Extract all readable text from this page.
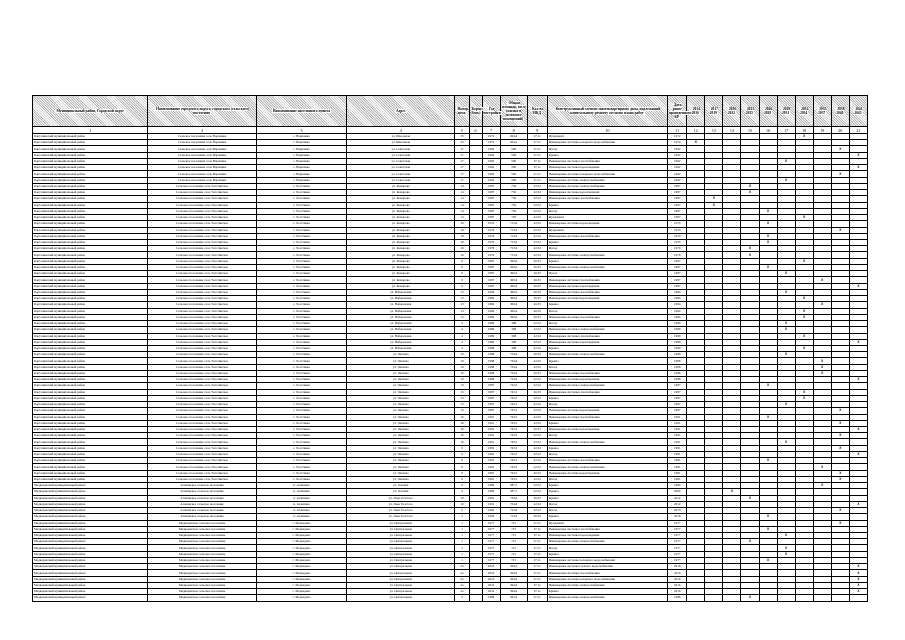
Муниципальный район, Городской округ	Наименование городского округа, городского (сельского) поселения	Наименование населенного пункта	Адрес	Номер дома	Корпус (блок)	Год постройки	Общая площадь, кв.м (жилых и нежилых помещений)	Кол-во МКД	Конструктивный элемент многоквартирного дома, подлежащий капитальному ремонту согласно плана работ	Дата ранее проведенного КР	2014 2016	2017 2019	2020 2022	2023 2025	2026 2028	2029 2031	2032 2034	2035 2037	2038 2040	2041 2043
1	2	3	4	5	6	7	8	9	10	11	12	13	14	15	16	17	18	19	20	21
Карталинский муниципальный район	Сельское поселение село Варшавка	с. Варшавка	ул. Школьная	33		1972	204,2	27,11	Фундамент	1972							X			
Карталинский муниципальный район	Сельское поселение село Варшавка	с. Варшавка	ул. Школьная	33		1972	204,2	27,11	Инженерные системы холодного водоснабжения	1972	X									
Карталинский муниципальный район	Сельское поселение село Варшавка	с. Варшавка	ул. Советская	17		1992	500	27,11	Фасад	1992									X	
Карталинский муниципальный район	Сельское поселение село Варшавка	с. Варшавка	ул. Советская	17		1992	500	27,11	Крыша	1992										X
Карталинский муниципальный район	Сельское поселение село Варшавка	с. Варшавка	ул. Советская	17		1992	500	27,11	Инженерные системы газоснабжения	1992						X				
Карталинский муниципальный район	Сельское поселение село Варшавка	с. Варшавка	ул. Советская	17		1992	500	27,11	Инженерные системы водоотведения	1992										X
Карталинский муниципальный район	Сельское поселение село Варшавка	с. Варшавка	ул. Советская	17		1992	500	27,11	Инженерные системы холодного водоснабжения	1992									X	
Карталинский муниципальный район	Сельское поселение село Варшавка	с. Варшавка	ул. Советская	17		1992	500	27,11	Инженерные системы электроснабжения	1992						X				
Карталинский муниципальный район	Сельское поселение село Толстинское	с. Толстинка	ул. Комарова	14		1987	756	22,52	Инженерные системы электроснабжения	1987				X						
Карталинский муниципальный район	Сельское поселение село Толстинское	с. Толстинка	ул. Комарова	14		1987	756	22,52	Инженерные системы водоотведения	1987				X						
Карталинский муниципальный район	Сельское поселение село Толстинское	с. Толстинка	ул. Комарова	14		1987	756	22,52	Инженерные системы газоснабжения	1987		X								
Карталинский муниципальный район	Сельское поселение село Толстинское	с. Толстинка	ул. Комарова	14		1987	756	22,52	Крыша	1987		X								
Карталинский муниципальный район	Сельское поселение село Толстинское	с. Толстинка	ул. Комарова	14		1987	756	22,52	Фасад	1987					X					
Карталинский муниципальный район	Сельское поселение село Толстинское	с. Толстинка	ул. Комарова	14		1987	756	22,52	Фундамент	1987							X			
Карталинский муниципальный район	Сельское поселение село Толстинское	с. Толстинка	ул. Комарова	19		1979	713,6	22,52	Инженерные системы водоотведения	1979					X					
Карталинский муниципальный район	Сельское поселение село Толстинское	с. Толстинка	ул. Комарова	19		1979	713,6	22,52	Фундамент	1979									X	
Карталинский муниципальный район	Сельское поселение село Толстинское	с. Толстинка	ул. Комарова	19		1979	713,6	22,52	Инженерные системы газоснабжения	1979					X					
Карталинский муниципальный район	Сельское поселение село Толстинское	с. Толстинка	ул. Комарова	19		1979	713,6	22,52	Крыша	1979					X					
Карталинский муниципальный район	Сельское поселение село Толстинское	с. Толстинка	ул. Комарова	19		1979	713,6	22,52	Фасад	1979				X						
Карталинский муниципальный район	Сельское поселение село Толстинское	с. Толстинка	ул. Комарова	19		1979	713,6	22,52	Инженерные системы электроснабжения	1979				X						
Карталинский муниципальный район	Сельское поселение село Толстинское	с. Толстинка	ул. Комарова	9		1987	306,6	26,35	Крыша	1987							X			
Карталинский муниципальный район	Сельское поселение село Толстинское	с. Толстинка	ул. Комарова	9		1987	306,6	26,35	Инженерные системы электроснабжения	1987					X					
Карталинский муниципальный район	Сельское поселение село Толстинское	с. Толстинка	ул. Комарова	9		1987	306,6	26,35	Фасад	1987						X				
Карталинский муниципальный район	Сельское поселение село Толстинское	с. Толстинка	ул. Комарова	9		1987	306,6	26,35	Инженерные системы газоснабжения	1987								X		
Карталинский муниципальный район	Сельское поселение село Толстинское	с. Толстинка	ул. Комарова	9		1987	306,6	26,35	Инженерные системы водоотведения	1987										X
Карталинский муниципальный район	Сельское поселение село Толстинское	с. Толстинка	ул. Набережная	13		1984	306,6	26,35	Инженерные системы газоснабжения	1984						X				
Карталинский муниципальный район	Сельское поселение село Толстинское	с. Толстинка	ул. Набережная	13		1984	306,6	26,35	Инженерные системы водоотведения	1984							X			
Карталинский муниципальный район	Сельское поселение село Толстинское	с. Толстинка	ул. Набережная	13		1984	306,6	26,35	Крыша	1984								X		
Карталинский муниципальный район	Сельское поселение село Толстинское	с. Толстинка	ул. Набережная	13		1984	306,6	26,35	Фасад	1984							X			
Карталинский муниципальный район	Сельское поселение село Толстинское	с. Толстинка	ул. Набережная	13		1984	306,6	26,35	Инженерные системы газоснабжения	1984							X			
Карталинский муниципальный район	Сельское поселение село Толстинское	с. Толстинка	ул. Набережная	4		1989	398	22,52	Фасад	1989						X				
Карталинский муниципальный район	Сельское поселение село Толстинское	с. Толстинка	ул. Набережная	4		1989	398	22,52	Инженерные системы электроснабжения	1989						X				
Карталинский муниципальный район	Сельское поселение село Толстинское	с. Толстинка	ул. Набережная	4		1989	398	22,52	Инженерные системы газоснабжения	1989							X			
Карталинский муниципальный район	Сельское поселение село Толстинское	с. Толстинка	ул. Набережная	4		1989	398	22,52	Инженерные системы водоотведения	1989										X
Карталинский муниципальный район	Сельское поселение село Толстинское	с. Толстинка	ул. Набережная	4		1989	398	22,52	Крыша	1989							X			
Карталинский муниципальный район	Сельское поселение село Толстинское	с. Толстинка	ул. Чапаева	10		1998	734,6	26,35	Инженерные системы электроснабжения	1998						X				
Карталинский муниципальный район	Сельское поселение село Толстинское	с. Толстинка	ул. Чапаева	10		1998	734,6	22,52	Крыша	1998								X		
Карталинский муниципальный район	Сельское поселение село Толстинское	с. Толстинка	ул. Чапаева	10		1998	734,6	22,52	Фасад	1998								X		
Карталинский муниципальный район	Сельское поселение село Толстинское	с. Толстинка	ул. Чапаева	10		1998	734,6	26,35	Инженерные системы газоснабжения	1998								X		
Карталинский муниципальный район	Сельское поселение село Толстинское	с. Толстинка	ул. Чапаева	10		1998	734,6	22,52	Инженерные системы водоотведения	1998										X
Карталинский муниципальный район	Сельское поселение село Толстинское	с. Толстинка	ул. Чапаева	13		1987	743,5	22,52	Инженерные системы электроснабжения	1987					X					
Карталинский муниципальный район	Сельское поселение село Толстинское	с. Толстинка	ул. Чапаева	13		1987	743,5	26,35	Инженерные системы газоснабжения	1987							X			
Карталинский муниципальный район	Сельское поселение село Толстинское	с. Толстинка	ул. Чапаева	13		1987	743,5	22,52	Крыша	1987							X			
Карталинский муниципальный район	Сельское поселение село Толстинское	с. Толстинка	ул. Чапаева	13		1987	743,5	22,52	Фасад	1987						X				
Карталинский муниципальный район	Сельское поселение село Толстинское	с. Толстинка	ул. Чапаева	13		1987	743,5	22,52	Инженерные системы водоотведения	1987									X	
Карталинский муниципальный район	Сельское поселение село Толстинское	с. Толстинка	ул. Чапаева	16		1991	743,5	22,52	Инженерные системы газоснабжения	1991					X					
Карталинский муниципальный район	Сельское поселение село Толстинское	с. Толстинка	ул. Чапаева	16		1991	743,5	22,52	Крыша	1991									X	
Карталинский муниципальный район	Сельское поселение село Толстинское	с. Толстинка	ул. Чапаева	16		1991	743,5	26,35	Инженерные системы водоотведения	1991										X
Карталинский муниципальный район	Сельское поселение село Толстинское	с. Толстинка	ул. Чапаева	16		1991	743,5	22,52	Фасад	1991									X	
Карталинский муниципальный район	Сельское поселение село Толстинское	с. Толстинка	ул. Чапаева	16		1991	743,5	22,52	Инженерные системы электроснабжения	1991						X				
Карталинский муниципальный район	Сельское поселение село Толстинское	с. Толстинка	ул. Чапаева	9		1981	743,5	22,52	Крыша	1981									X	
Карталинский муниципальный район	Сельское поселение село Толстинское	с. Толстинка	ул. Чапаева	9		1981	743,5	22,52	Фасад	1981										X
Карталинский муниципальный район	Сельское поселение село Толстинское	с. Толстинка	ул. Чапаева	9		1981	743,5	22,52	Инженерные системы газоснабжения	1981					X					
Карталинский муниципальный район	Сельское поселение село Толстинское	с. Толстинка	ул. Чапаева	9		1981	743,5	22,52	Инженерные системы электроснабжения	1981								X		
Карталинский муниципальный район	Сельское поселение село Толстинское	с. Толстинка	ул. Чапаева	9		1981	743,5	26,35	Инженерные системы водоотведения	1981									X	
Карталинский муниципальный район	Сельское поселение село Толстинское	с. Толстинка	ул. Чапаева	9		1981	743,5	22,52	Фасад	1981									X	
Медведевский муниципальный район	Агапинское сельское поселение	п. Агапинка	ул. Зеленая	4		1989	287,7	22,52	Крыша	1989								X		
Медведевский муниципальный район	Агапинское сельское поселение	п. Агапинка	ул. Зеленая	4		1989	287,7	22,52	Крыша	2009			X							
Медведевский муниципальный район	Агапинское сельское поселение	п. Агапинка	ул. Льва Толстого	10		1991	734,6	26,35	Крыша	2012				X						
Медведевский муниципальный район	Агапинское сельское поселение	п. Агапинка	ул. Льва Толстого	10		1991	734,6	22,52	Фасад	2012										X
Медведевский муниципальный район	Агапинское сельское поселение	п. Агапинка	ул. Льва Толстого	6		1990	713,6	22,52	Фасад	2013									X	
Медведевский муниципальный район	Агапинское сельское поселение	п. Агапинка	ул. Льва Толстого	5		1990	713,6	26,35	Крыша	2018					X					
Медведевский муниципальный район	Медведевское сельское поселение	с. Медведево	ул. Центральная	1		1977	715	27,11	Фундамент	1977									X	
Медведевский муниципальный район	Медведевское сельское поселение	с. Медведево	ул. Центральная	1		1977	715	27,11	Инженерные системы газоснабжения	1977					X					
Медведевский муниципальный район	Медведевское сельское поселение	с. Медведево	ул. Центральная	1		1977	715	27,11	Инженерные системы водоотведения	1977						X				
Медведевский муниципальный район	Медведевское сельское поселение	с. Медведево	ул. Центральная	1		1977	715	27,11	Инженерные системы электроснабжения	1977				X						
Медведевский муниципальный район	Медведевское сельское поселение	с. Медведево	ул. Центральная	1		1977	715	27,11	Фасад	1977						X				
Медведевский муниципальный район	Медведевское сельское поселение	с. Медведево	ул. Центральная	1		1977	715	27,11	Крыша	1977						X				
Медведевский муниципальный район	Медведевское сельское поселение	с. Медведево	ул. Центральная	1		1977	715	27,11	Инженерные системы холодного водоснабжения	1977					X					
Медведевский муниципальный район	Медведевское сельское поселение	с. Медведево	ул. Центральная	2а		2016	364,6	27,11	Инженерные системы горячего водоснабжения	2016										X
Медведевский муниципальный район	Медведевское сельское поселение	с. Медведево	ул. Центральная	2а		2016	364,6	27,11	Инженерные системы газоснабжения	2016										X
Медведевский муниципальный район	Медведевское сельское поселение	с. Медведево	ул. Центральная	2а		2016	364,6	27,11	Инженерные системы холодного водоснабжения	2016										X
Медведевский муниципальный район	Медведевское сельское поселение	с. Медведево	ул. Центральная	2а		2016	364,6	27,11	Инженерные системы электроснабжения	2016										X
Медведевский муниципальный район	Медведевское сельское поселение	с. Медведево	ул. Центральная	2а		2016	364,6	27,11	Крыша	2016										X
Медведевский муниципальный район	Медведевское сельское поселение	с. Медведево	ул. Центральная	3		1988	422,6	27,11	Инженерные системы электроснабжения	1988				X						
